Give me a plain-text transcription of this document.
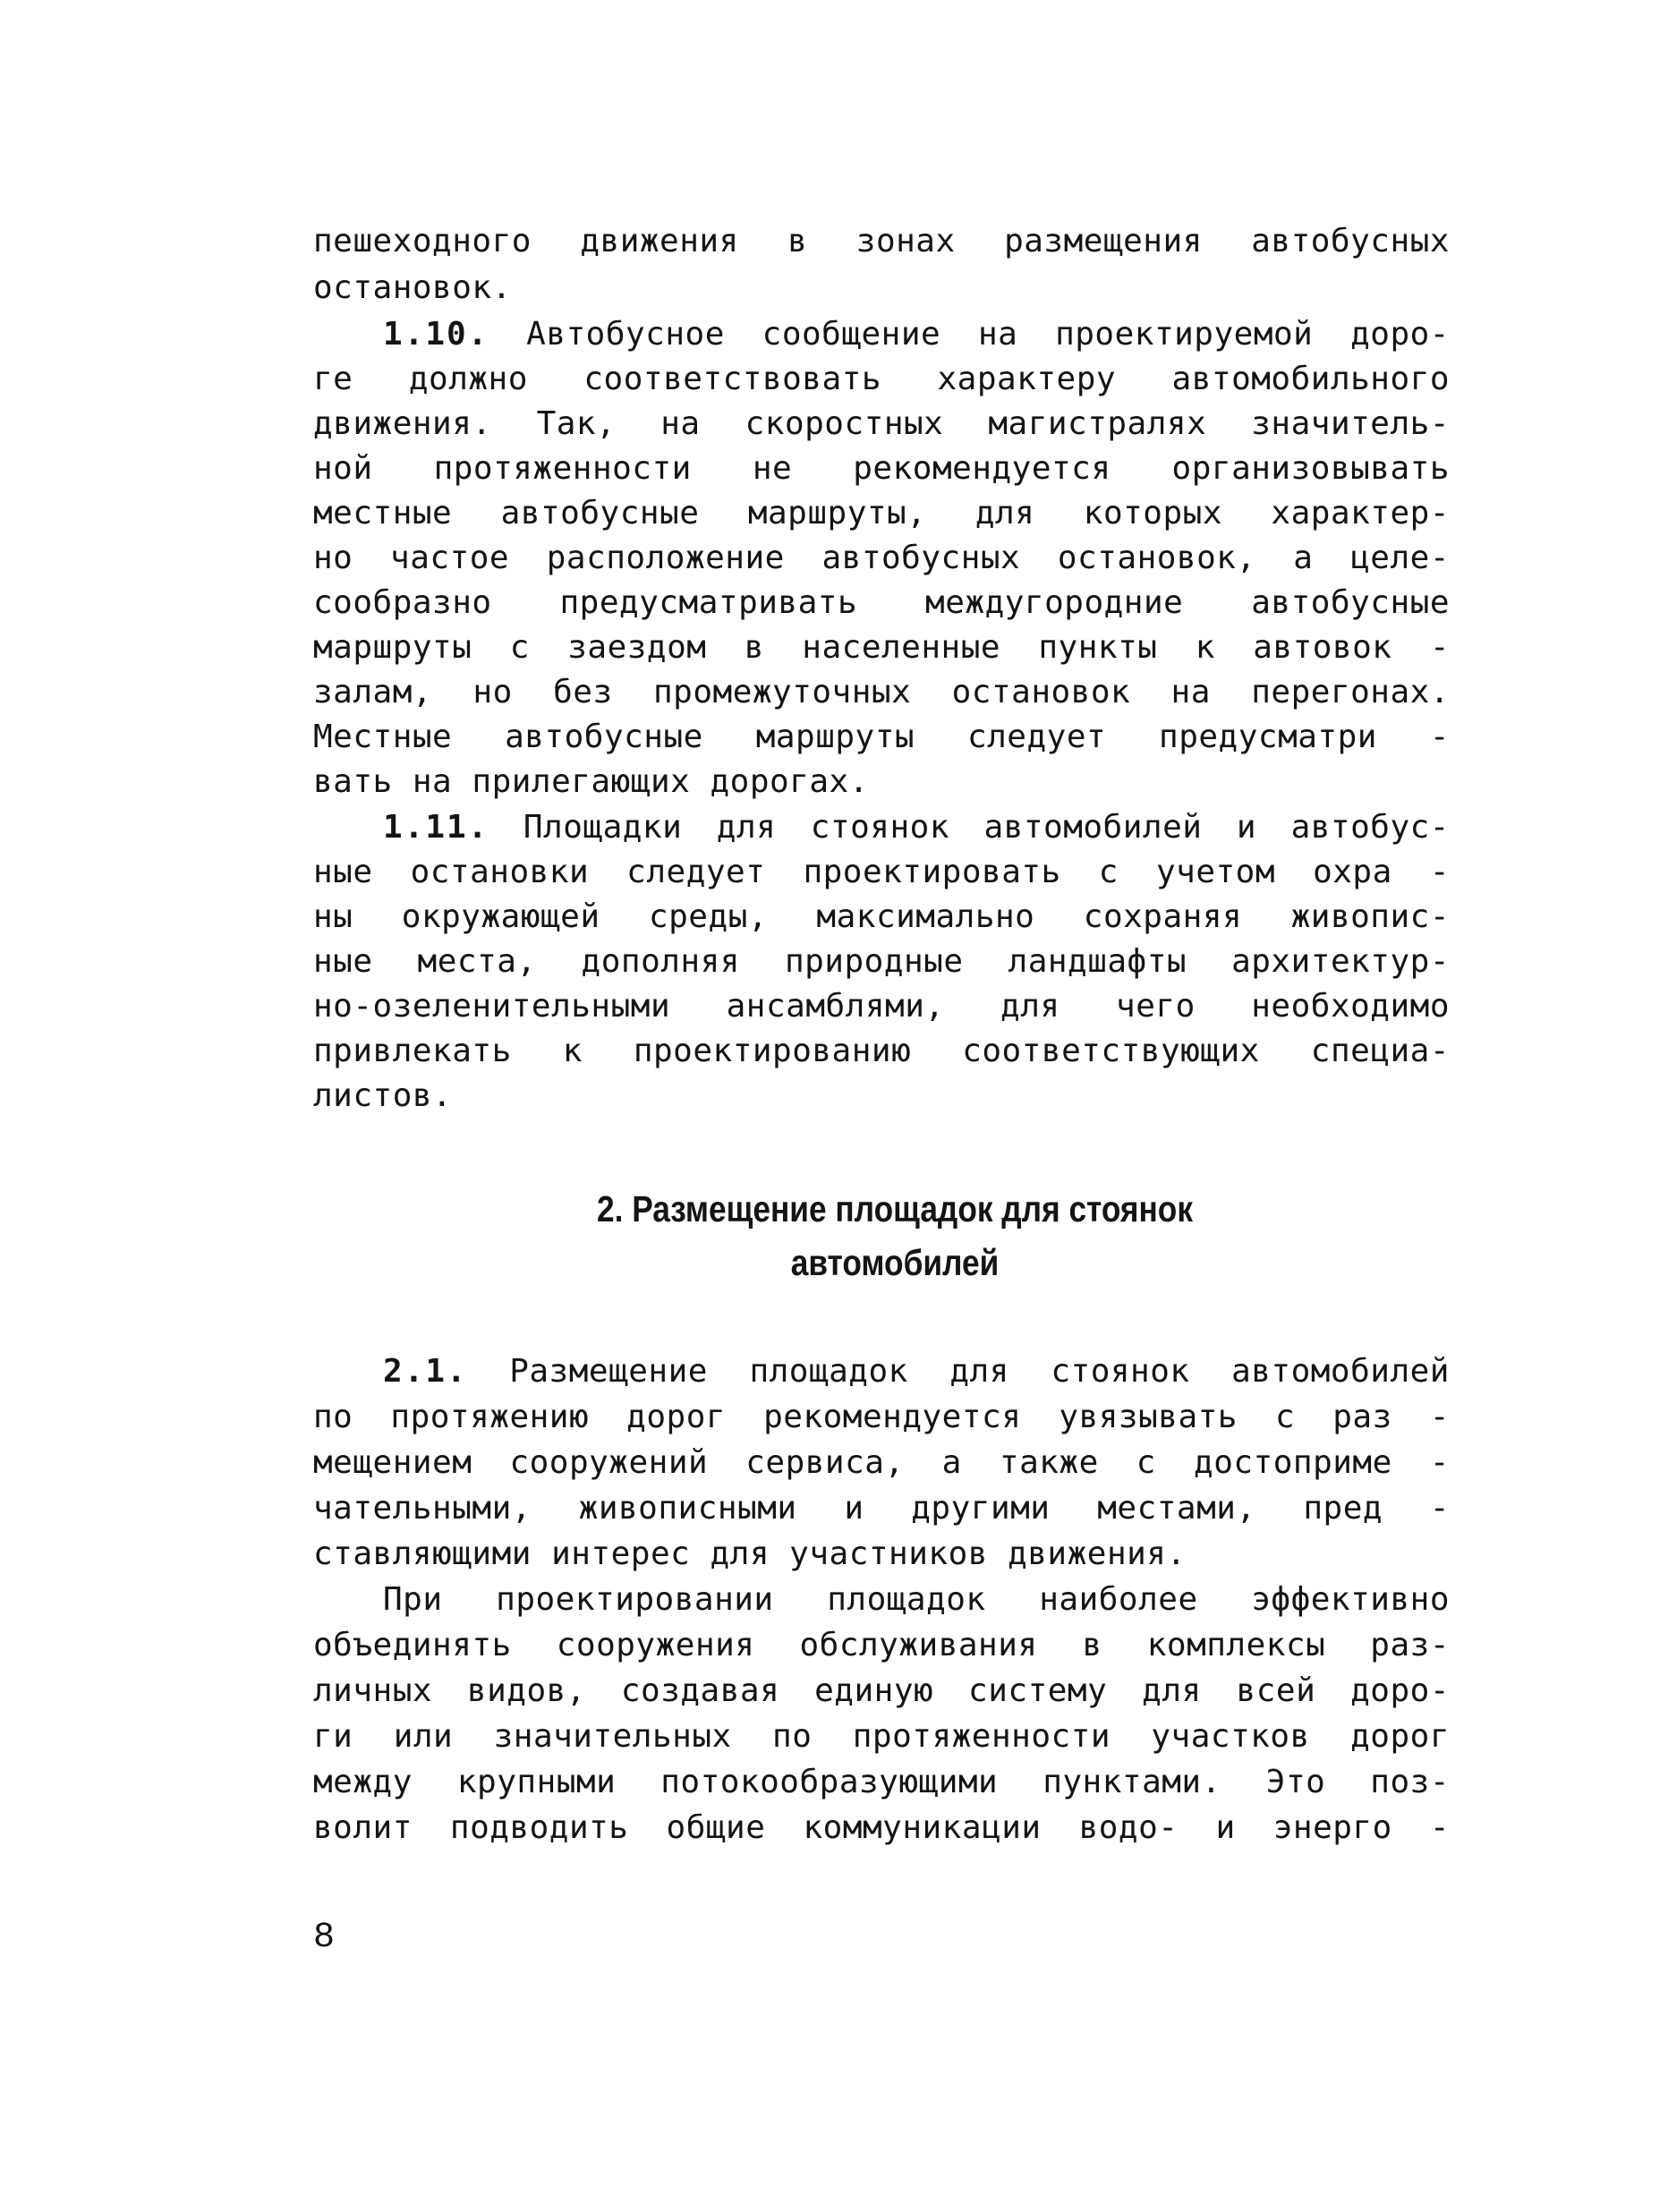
пешеходного движения в зонах размещения автобусных
остановок.
1.10. Автобусное сообщение на проектируемой доро-
ге должно соответствовать характеру автомобильного
движения. Так, на скоростных магистралях значитель-
ной протяженности не рекомендуется организовывать
местные автобусные маршруты, для которых характер-
но частое расположение автобусных остановок, а целе-
сообразно предусматривать междугородние автобусные
маршруты с заездом в населенные пункты к автовок -
залам, но без промежуточных остановок на перегонах.
Местные автобусные маршруты следует предусматри -
вать на прилегающих дорогах.
1.11. Площадки для стоянок автомобилей и автобус-
ные остановки следует проектировать с учетом охра -
ны окружающей среды, максимально сохраняя живопис-
ные места, дополняя природные ландшафты архитектур-
но-озеленительными ансамблями, для чего необходимо
привлекать к проектированию соответствующих специа-
листов.
2. Размещение площадок для стоянок
автомобилей
2.1. Размещение площадок для стоянок автомобилей
по протяжению дорог рекомендуется увязывать с раз -
мещением сооружений сервиса, а также с достоприме -
чательными, живописными и другими местами, пред -
ставляющими интерес для участников движения.
При проектировании площадок наиболее эффективно
объединять сооружения обслуживания в комплексы раз-
личных видов, создавая единую систему для всей доро-
ги или значительных по протяженности участков дорог
между крупными потокообразующими пунктами. Это поз-
волит подводить общие коммуникации водо- и энерго -
8
